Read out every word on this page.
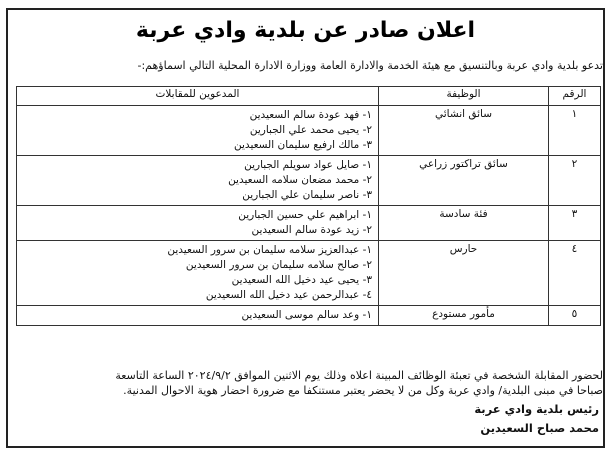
اعلان صادر عن بلدية وادي عربة
تدعو بلدية وادي عربة وبالتنسيق مع هيئة الخدمة والادارة العامة ووزارة الادارة المحلية التالي اسماؤهم:-
الرقم	الوظيفة	المدعوين للمقابلات
١	سائق انشائي	١- فهد عودة سالم السعيدين
٢- يحيى محمد علي الجبارين
٣- مالك ارفيع سليمان السعيدين

٢	سائق تراكتور زراعي	١- صايل عواد سويلم الجبارين
٢- محمد مضعان سلامه السعيدين
٣- ناصر سليمان علي الجبارين

٣	فئة سادسة	١- ابراهيم علي حسين الجبارين
٢- زيد عودة سالم السعيدين

٤	حارس	١- عبدالعزيز سلامه سليمان بن سرور السعيدين
٢- صالح سلامه سليمان بن سرور السعيدين
٣- يحيى عيد دخيل الله السعيدين
٤- عبدالرحمن عيد دخيل الله السعيدين

٥	مأمور مستودع	١- وعد سالم موسى السعيدين
لحضور المقابلة الشخصة في تعبئة الوظائف المبينة اعلاه وذلك يوم الاثنين الموافق ٢٠٢٤/٩/٢ الساعة التاسعة
صباحا في مبنى البلدية/ وادي عربة وكل من لا يحضر يعتبر مستنكفا مع ضرورة احضار هوية الاحوال المدنية.
رئيس بلدية وادي عربة
محمد صباح السعيدين
